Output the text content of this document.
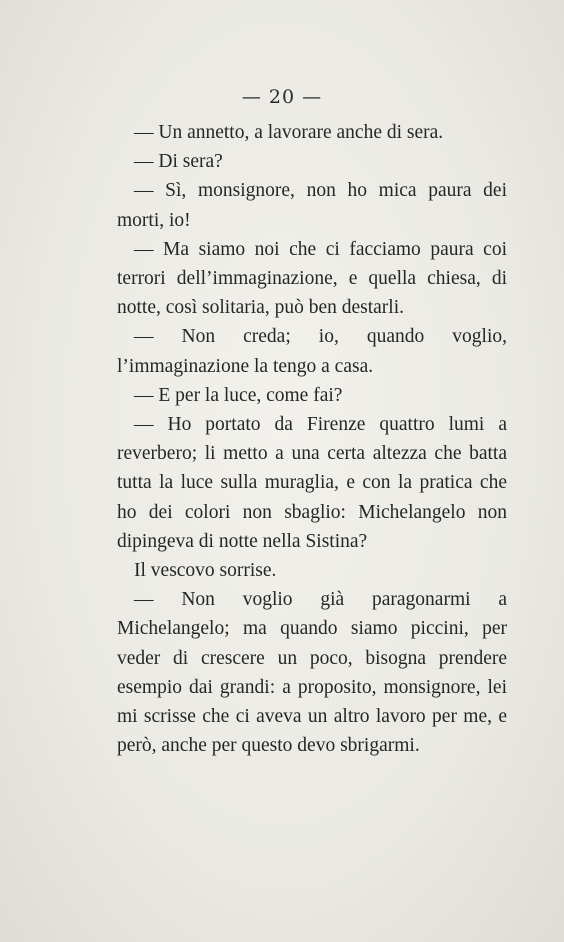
— 20 —

— Un annetto, a lavorare anche di sera.

— Di sera?

— Sì, monsignore, non ho mica paura dei morti, io!

— Ma siamo noi che ci facciamo paura coi terrori dell’immaginazione, e quella chiesa, di notte, così solitaria, può ben destarli.

— Non creda; io, quando voglio, l’immaginazione la tengo a casa.

— E per la luce, come fai?

— Ho portato da Firenze quattro lumi a reverbero; li metto a una certa altezza che batta tutta la luce sulla muraglia, e con la pratica che ho dei colori non sbaglio: Michelangelo non dipingeva di notte nella Sistina?

Il vescovo sorrise.

— Non voglio già paragonarmi a Michelangelo; ma quando siamo piccini, per veder di crescere un poco, bisogna prendere esempio dai grandi: a proposito, monsignore, lei mi scrisse che ci aveva un altro lavoro per me, e però, anche per questo devo sbrigarmi.
